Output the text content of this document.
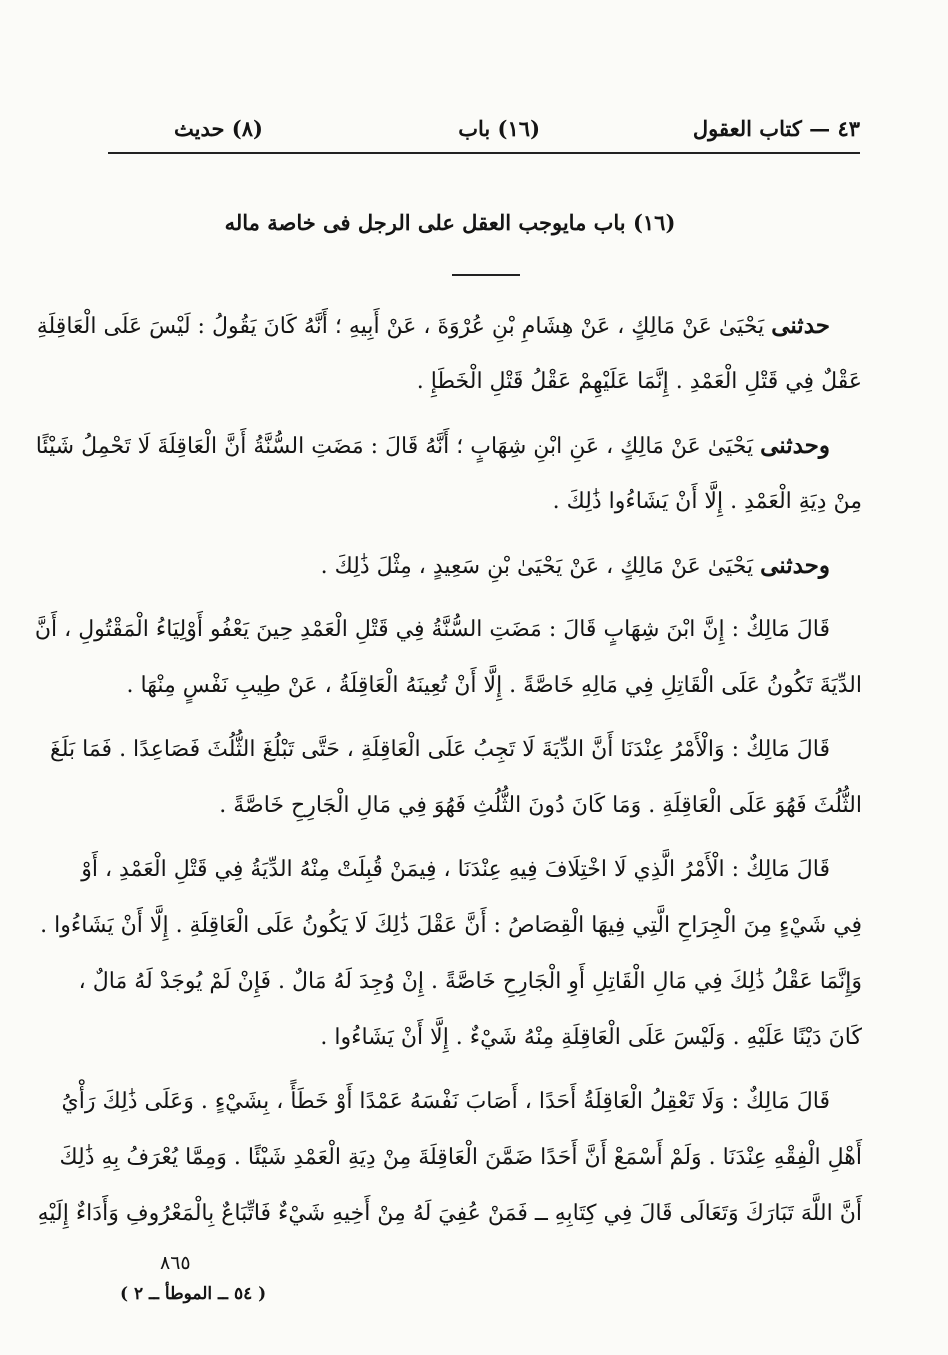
٤٣ — كتاب العقول
(١٦) باب
(٨) حديث
(١٦) باب مايوجب العقل على الرجل فى خاصة ماله
حدثنى يَحْيَىٰ عَنْ مَالِكٍ ، عَنْ هِشَامِ بْنِ عُرْوَةَ ، عَنْ أَبِيهِ ؛ أَنَّهُ كَانَ يَقُولُ : لَيْسَ عَلَى الْعَاقِلَةِ
عَقْلٌ فِي قَتْلِ الْعَمْدِ . إِنَّمَا عَلَيْهِمْ عَقْلُ قَتْلِ الْخَطَإِ .
وحدثنى يَحْيَىٰ عَنْ مَالِكٍ ، عَنِ ابْنِ شِهَابٍ ؛ أَنَّهُ قَالَ : مَضَتِ السُّنَّةُ أَنَّ الْعَاقِلَةَ لَا تَحْمِلُ شَيْئًا
مِنْ دِيَةِ الْعَمْدِ . إِلَّا أَنْ يَشَاءُوا ذَٰلِكَ .
وحدثنى يَحْيَىٰ عَنْ مَالِكٍ ، عَنْ يَحْيَىٰ بْنِ سَعِيدٍ ، مِثْلَ ذَٰلِكَ .
قَالَ مَالِكٌ : إِنَّ ابْنَ شِهَابٍ قَالَ : مَضَتِ السُّنَّةُ فِي قَتْلِ الْعَمْدِ حِينَ يَعْفُو أَوْلِيَاءُ الْمَقْتُولِ ، أَنَّ
الدِّيَةَ تَكُونُ عَلَى الْقَاتِلِ فِي مَالِهِ خَاصَّةً . إِلَّا أَنْ تُعِينَهُ الْعَاقِلَةُ ، عَنْ طِيبِ نَفْسٍ مِنْهَا .
قَالَ مَالِكٌ : وَالْأَمْرُ عِنْدَنَا أَنَّ الدِّيَةَ لَا تَجِبُ عَلَى الْعَاقِلَةِ ، حَتَّى تَبْلُغَ الثُّلُثَ فَصَاعِدًا . فَمَا بَلَغَ
الثُّلُثَ فَهُوَ عَلَى الْعَاقِلَةِ . وَمَا كَانَ دُونَ الثُّلُثِ فَهُوَ فِي مَالِ الْجَارِحِ خَاصَّةً .
قَالَ مَالِكٌ : الْأَمْرُ الَّذِي لَا اخْتِلَافَ فِيهِ عِنْدَنَا ، فِيمَنْ قُبِلَتْ مِنْهُ الدِّيَةُ فِي قَتْلِ الْعَمْدِ ، أَوْ
فِي شَيْءٍ مِنَ الْجِرَاحِ الَّتِي فِيهَا الْقِصَاصُ : أَنَّ عَقْلَ ذَٰلِكَ لَا يَكُونُ عَلَى الْعَاقِلَةِ . إِلَّا أَنْ يَشَاءُوا .
وَإِنَّمَا عَقْلُ ذَٰلِكَ فِي مَالِ الْقَاتِلِ أَوِ الْجَارِحِ خَاصَّةً . إِنْ وُجِدَ لَهُ مَالٌ . فَإِنْ لَمْ يُوجَدْ لَهُ مَالٌ ،
كَانَ دَيْنًا عَلَيْهِ . وَلَيْسَ عَلَى الْعَاقِلَةِ مِنْهُ شَيْءٌ . إِلَّا أَنْ يَشَاءُوا .
قَالَ مَالِكٌ : وَلَا تَعْقِلُ الْعَاقِلَةُ أَحَدًا ، أَصَابَ نَفْسَهُ عَمْدًا أَوْ خَطَأً ، بِشَيْءٍ . وَعَلَى ذَٰلِكَ رَأْيُ
أَهْلِ الْفِقْهِ عِنْدَنَا . وَلَمْ أَسْمَعْ أَنَّ أَحَدًا ضَمَّنَ الْعَاقِلَةَ مِنْ دِيَةِ الْعَمْدِ شَيْئًا . وَمِمَّا يُعْرَفُ بِهِ ذَٰلِكَ
أَنَّ اللَّهَ تَبَارَكَ وَتَعَالَى قَالَ فِي كِتَابِهِ ــ فَمَنْ عُفِيَ لَهُ مِنْ أَخِيهِ شَيْءٌ فَاتِّبَاعٌ بِالْمَعْرُوفِ وَأَدَاءٌ إِلَيْهِ
٨٦٥
( ٥٤ ــ الموطأ ــ ٢ )
